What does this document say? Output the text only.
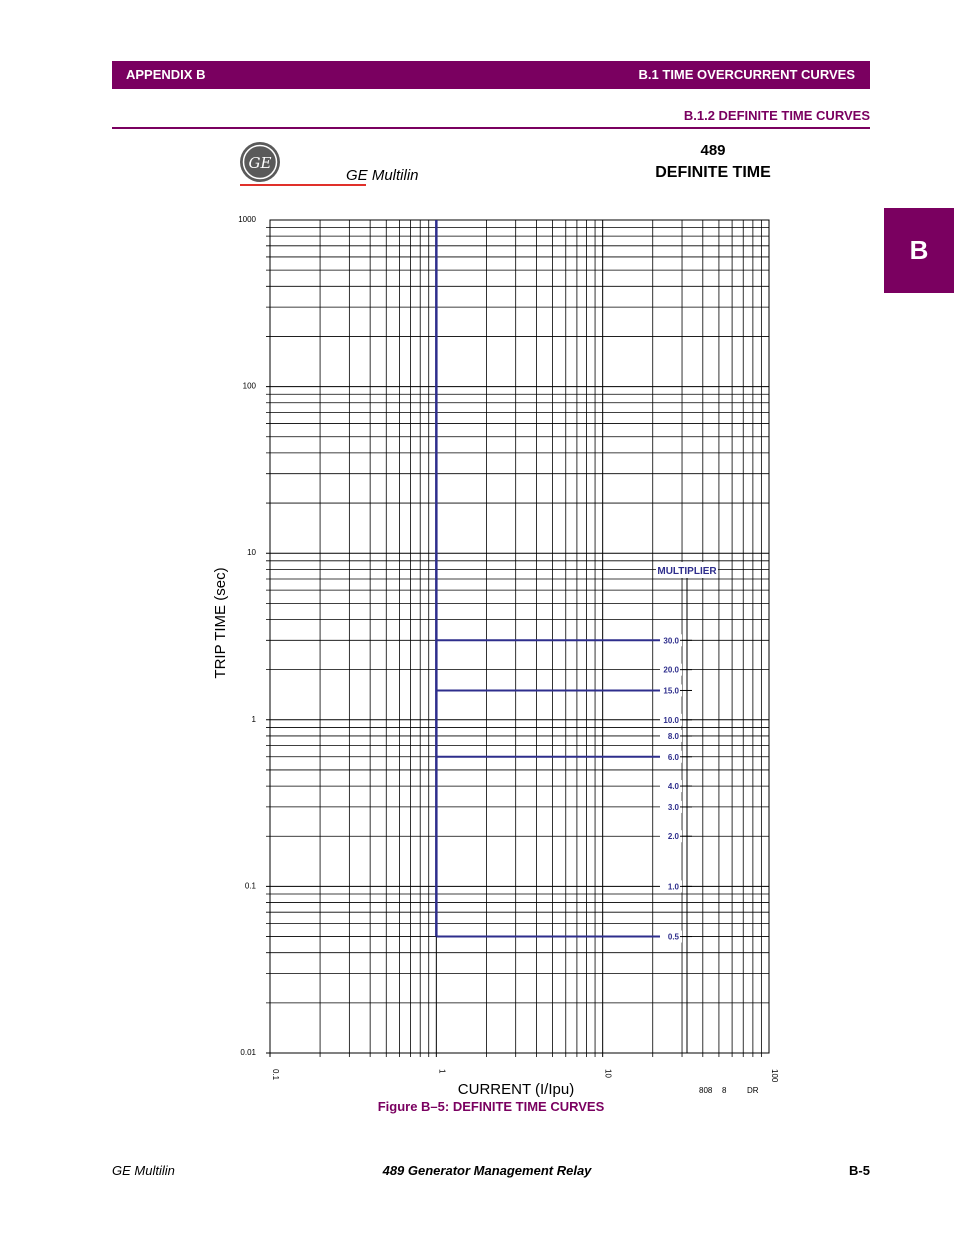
APPENDIX B	B.1 TIME OVERCURRENT CURVES
B.1.2 DEFINITE TIME CURVES
B
GE
GE Multilin
489
DEFINITE TIME
TRIP TIME (sec)
CURRENT (I/Ipu)	808 8	DR
1000
100
10
1
0.1
0.01
0.1	1	10	100
MULTIPLIER
30.0
20.0
15.0
10.0
8.0
6.0
4.0
3.0
2.0
1.0
0.5
Figure B–5: DEFINITE TIME CURVES
GE Multilin	489 Generator Management Relay	B-5
